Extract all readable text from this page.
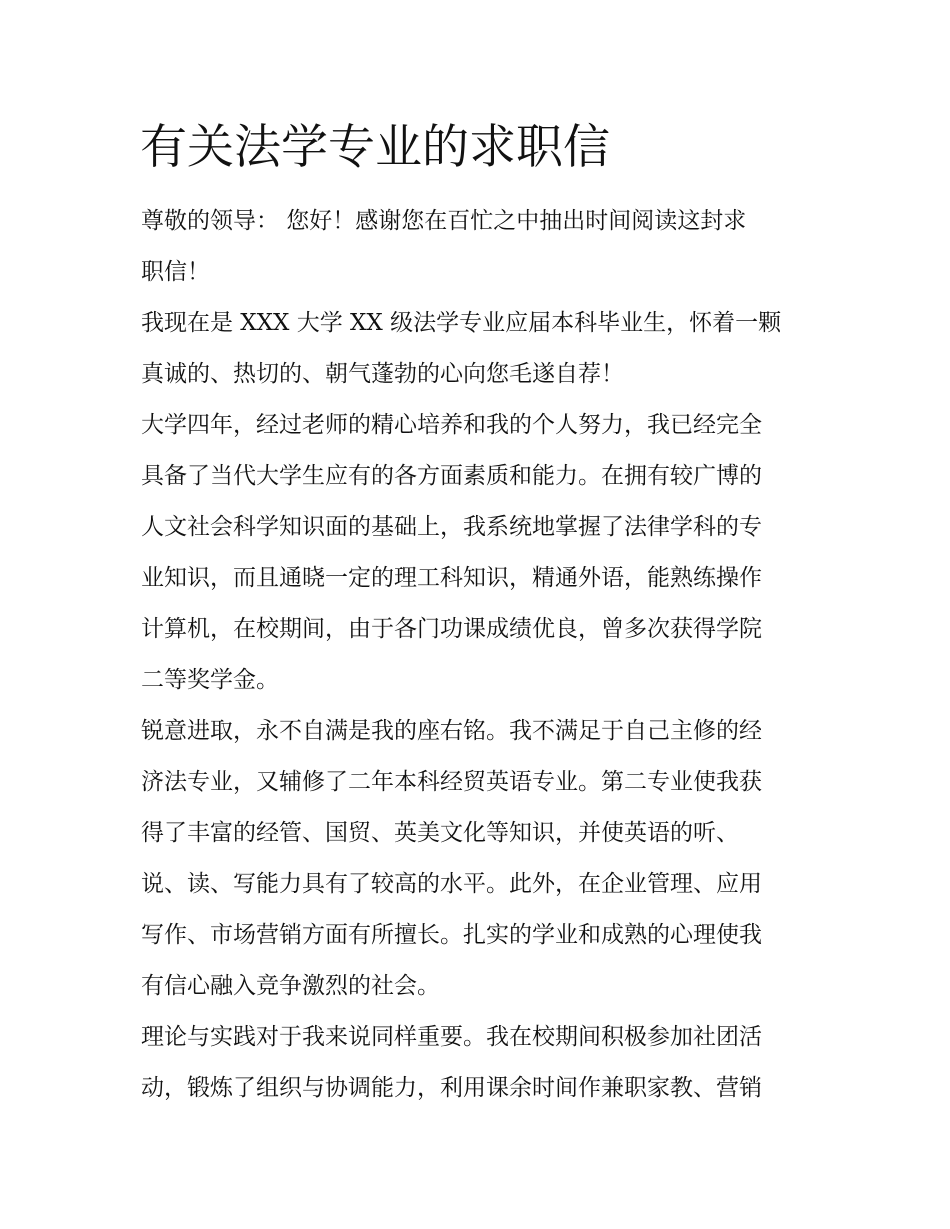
有关法学专业的求职信

尊敬的领导： 您好！感谢您在百忙之中抽出时间阅读这封求

职信！

我现在是 XXX 大学 XX 级法学专业应届本科毕业生，怀着一颗

真诚的、热切的、朝气蓬勃的心向您毛遂自荐！

大学四年，经过老师的精心培养和我的个人努力，我已经完全

具备了当代大学生应有的各方面素质和能力。在拥有较广博的

人文社会科学知识面的基础上，我系统地掌握了法律学科的专

业知识，而且通晓一定的理工科知识，精通外语，能熟练操作

计算机，在校期间，由于各门功课成绩优良，曾多次获得学院

二等奖学金。

锐意进取，永不自满是我的座右铭。我不满足于自己主修的经

济法专业，又辅修了二年本科经贸英语专业。第二专业使我获

得了丰富的经管、国贸、英美文化等知识，并使英语的听、

说、读、写能力具有了较高的水平。此外，在企业管理、应用

写作、市场营销方面有所擅长。扎实的学业和成熟的心理使我

有信心融入竞争激烈的社会。

理论与实践对于我来说同样重要。我在校期间积极参加社团活

动，锻炼了组织与协调能力，利用课余时间作兼职家教、营销
